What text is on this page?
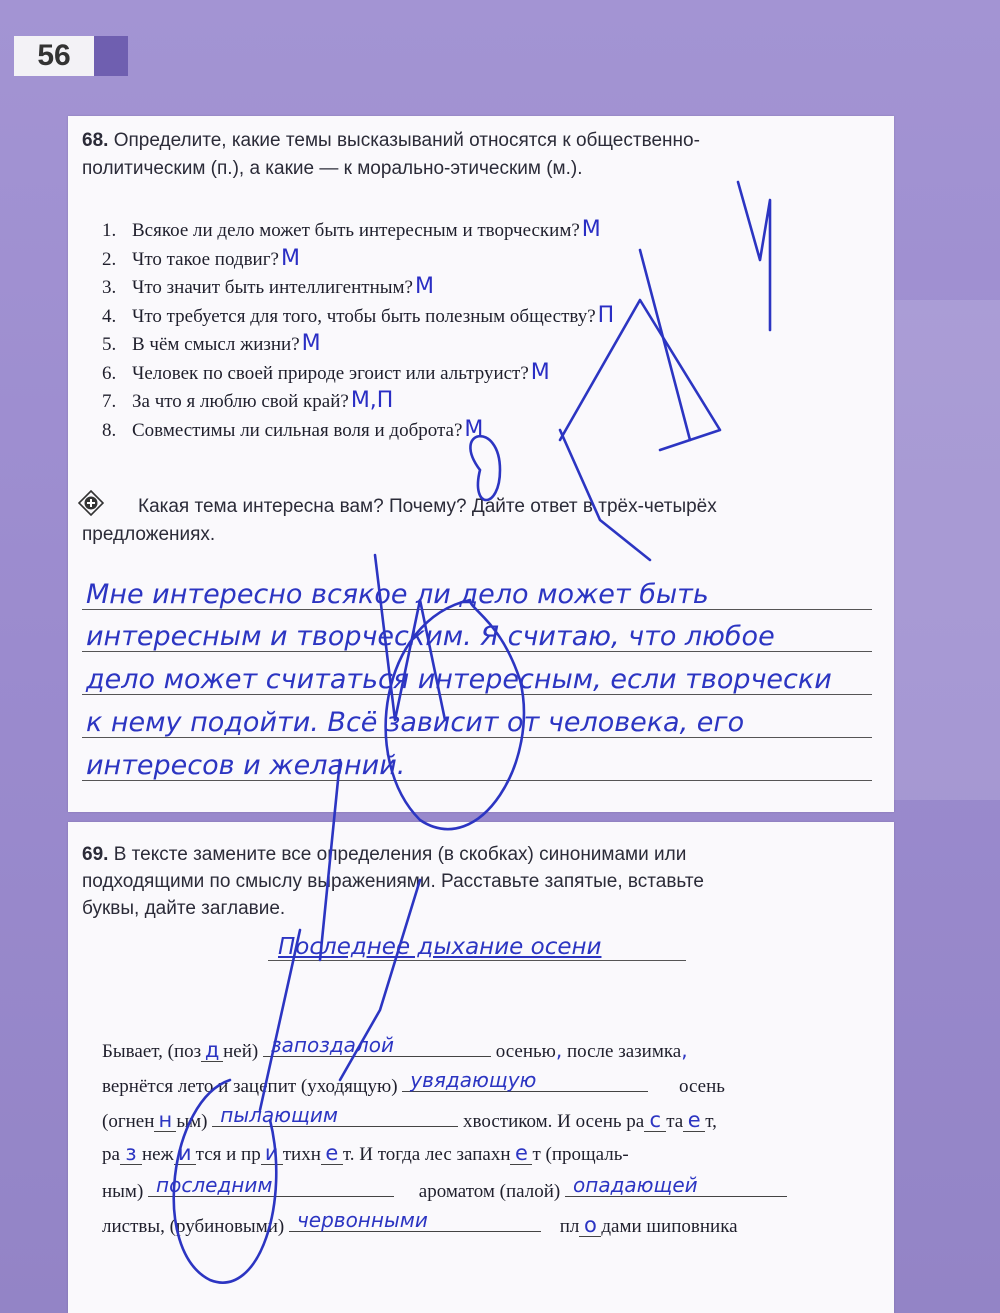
56
68. Определите, какие темы высказываний относятся к общественно-
политическим (п.), а какие — к морально-этическим (м.).
1. Всякое ли дело может быть интересным и творческим?М
2. Что такое подвиг?М
3. Что значит быть интеллигентным?М
4. Что требуется для того, чтобы быть полезным обществу?П
5. В чём смысл жизни?М
6. Человек по своей природе эгоист или альтруист?М
7. За что я люблю свой край?М,П
8. Совместимы ли сильная воля и доброта?М
Какая тема интересна вам? Почему? Дайте ответ в трёх-четырёх
предложениях.
Мне интересно всякое ли дело может быть
интересным и творческим. Я считаю, что любое
дело может считаться интересным, если творчески
к нему подойти. Всё зависит от человека, его
интересов и желаний.
69. В тексте замените все определения (в скобках) синонимами или
подходящими по смыслу выражениями. Расставьте запятые, вставьте
буквы, дайте заглавие.
Последнее дыхание осени
Бывает, (поз д ней) запоздалой	осенью, после зазимка,
вернётся лето и зацепит (уходящую) увядающую	осень
(огнен н ым) пылающим	хвостиком. И осень ра с та е т,
ра з неж и тся и пр и тихн е т. И тогда лес запахн е т (прощаль-
ным) последним	ароматом (палой) опадающей
листвы, (рубиновыми) червонными	пл о дами шиповника
